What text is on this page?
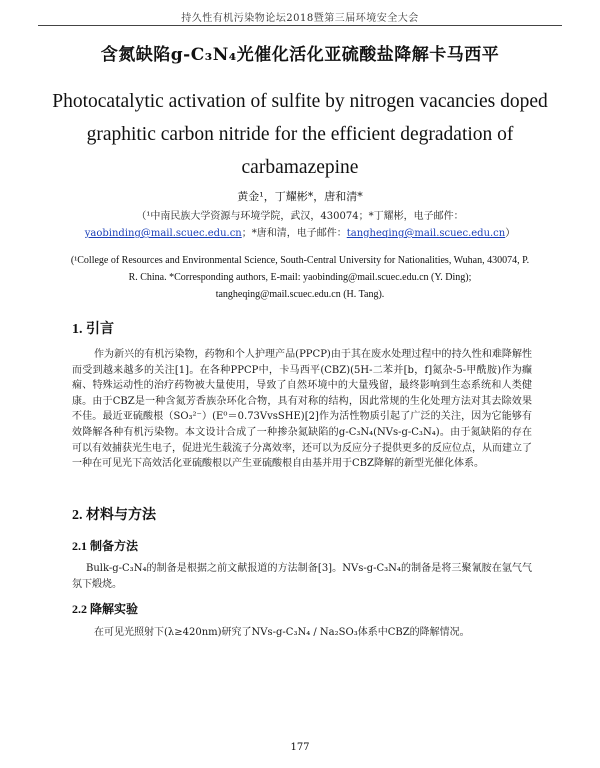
持久性有机污染物论坛2018暨第三届环境安全大会
含氮缺陷g-C₃N₄光催化活化亚硫酸盐降解卡马西平
Photocatalytic activation of sulfite by nitrogen vacancies doped graphitic carbon nitride for the efficient degradation of carbamazepine
黄金¹，丁耀彬*，唐和清*
（¹中南民族大学资源与环境学院，武汉，430074；*丁耀彬，电子邮件：
yaobinding@mail.scuec.edu.cn；*唐和清，电子邮件：tangheqing@mail.scuec.edu.cn）
(¹College of Resources and Environmental Science, South-Central University for Nationalities, Wuhan, 430074, P. R. China. *Corresponding authors, E-mail: yaobinding@mail.scuec.edu.cn (Y. Ding); tangheqing@mail.scuec.edu.cn (H. Tang).
1. 引言
作为新兴的有机污染物，药物和个人护理产品(PPCP)由于其在废水处理过程中的持久性和难降解性而受到越来越多的关注[1]。在各种PPCP中，卡马西平(CBZ)(5H-二苯并[b，f]氮杂-5-甲酰胺)作为癫痫、特殊运动性的治疗药物被大量使用，导致了自然环境中的大量残留，最终影响到生态系统和人类健康。由于CBZ是一种含氮芳香族杂环化合物，具有对称的结构，因此常规的生化处理方法对其去除效果不佳。最近亚硫酸根（SO₃²⁻）(E⁰＝0.73VvsSHE)[2]作为活性物质引起了广泛的关注，因为它能够有效降解各种有机污染物。本文设计合成了一种掺杂氮缺陷的g-C₃N₄(NVs-g-C₃N₄)。由于氮缺陷的存在可以有效捕获光生电子，促进光生载流子分离效率，还可以为反应分子提供更多的反应位点，从而建立了一种在可见光下高效活化亚硫酸根以产生亚硫酸根自由基并用于CBZ降解的新型光催化体系。
2. 材料与方法
2.1 制备方法
Bulk-g-C₃N₄的制备是根据之前文献报道的方法制备[3]。NVs-g-C₃N₄的制备是将三聚氰胺在氩气气氛下煅烧。
2.2 降解实验
在可见光照射下(λ≥420nm)研究了NVs-g-C₃N₄ / Na₂SO₃体系中CBZ的降解情况。
177
